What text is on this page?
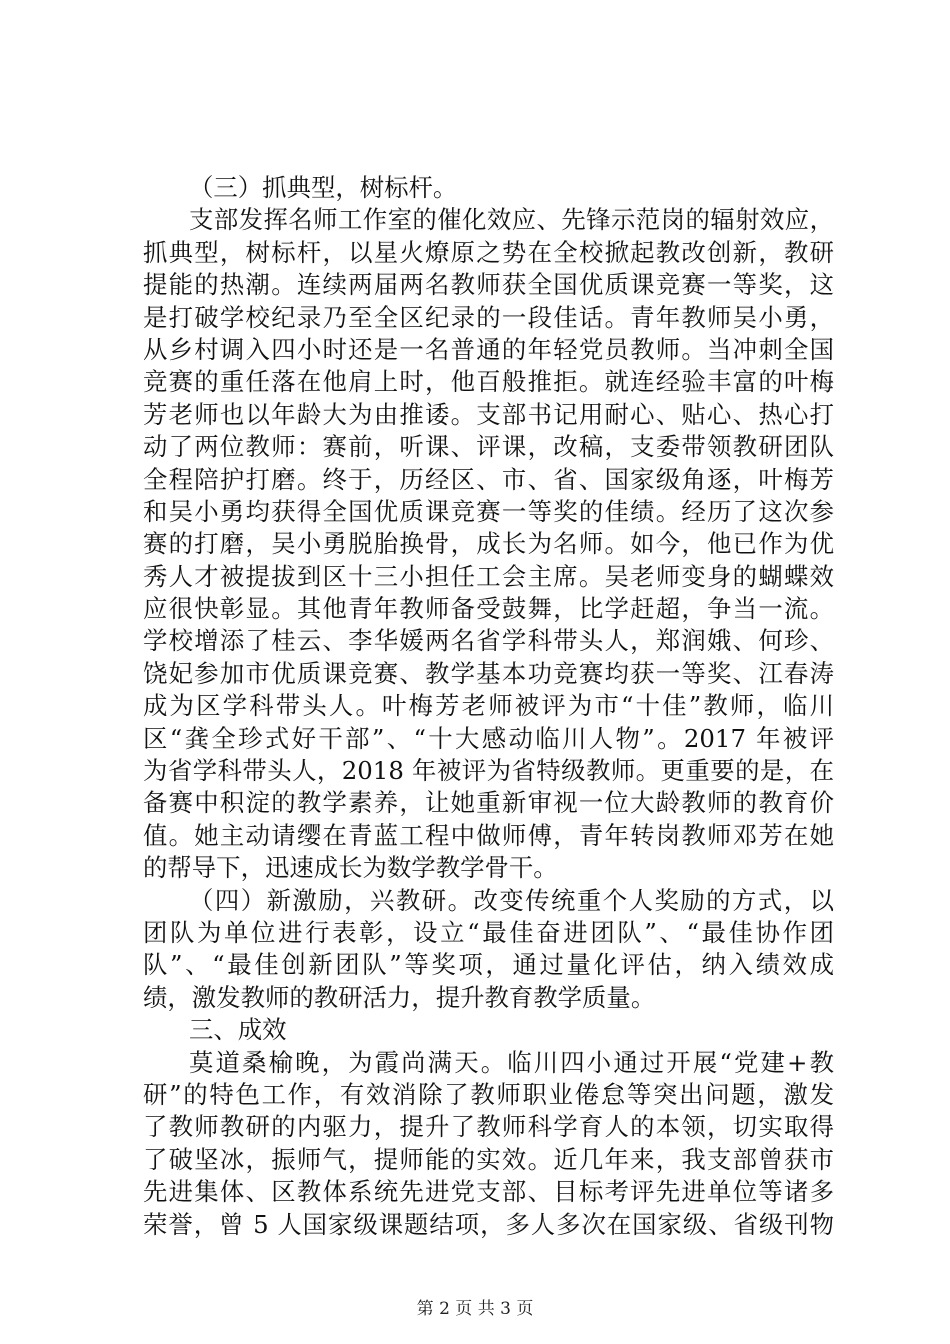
（三）抓典型，树标杆。
支部发挥名师工作室的催化效应、先锋示范岗的辐射效应，
抓典型，树标杆，以星火燎原之势在全校掀起教改创新，教研
提能的热潮。连续两届两名教师获全国优质课竞赛一等奖，这
是打破学校纪录乃至全区纪录的一段佳话。青年教师吴小勇，
从乡村调入四小时还是一名普通的年轻党员教师。当冲刺全国
竞赛的重任落在他肩上时，他百般推拒。就连经验丰富的叶梅
芳老师也以年龄大为由推诿。支部书记用耐心、贴心、热心打
动了两位教师：赛前，听课、评课，改稿，支委带领教研团队
全程陪护打磨。终于，历经区、市、省、国家级角逐，叶梅芳
和吴小勇均获得全国优质课竞赛一等奖的佳绩。经历了这次参
赛的打磨，吴小勇脱胎换骨，成长为名师。如今，他已作为优
秀人才被提拔到区十三小担任工会主席。吴老师变身的蝴蝶效
应很快彰显。其他青年教师备受鼓舞，比学赶超，争当一流。
学校增添了桂云、李华媛两名省学科带头人，郑润娥、何珍、
饶妃参加市优质课竞赛、教学基本功竞赛均获一等奖、江春涛
成为区学科带头人。叶梅芳老师被评为市“十佳”教师，临川
区“龚全珍式好干部”、“十大感动临川人物”。2017 年被评
为省学科带头人，2018 年被评为省特级教师。更重要的是，在
备赛中积淀的教学素养，让她重新审视一位大龄教师的教育价
值。她主动请缨在青蓝工程中做师傅，青年转岗教师邓芳在她
的帮导下，迅速成长为数学教学骨干。
（四）新激励，兴教研。改变传统重个人奖励的方式，以
团队为单位进行表彰，设立“最佳奋进团队”、“最佳协作团
队”、“最佳创新团队”等奖项，通过量化评估，纳入绩效成
绩，激发教师的教研活力，提升教育教学质量。
三、成效
莫道桑榆晚，为霞尚满天。临川四小通过开展“党建+教
研”的特色工作，有效消除了教师职业倦怠等突出问题，激发
了教师教研的内驱力，提升了教师科学育人的本领，切实取得
了破坚冰，振师气，提师能的实效。近几年来，我支部曾获市
先进集体、区教体系统先进党支部、目标考评先进单位等诸多
荣誉，曾 5 人国家级课题结项，多人多次在国家级、省级刊物
第 2 页 共 3 页
